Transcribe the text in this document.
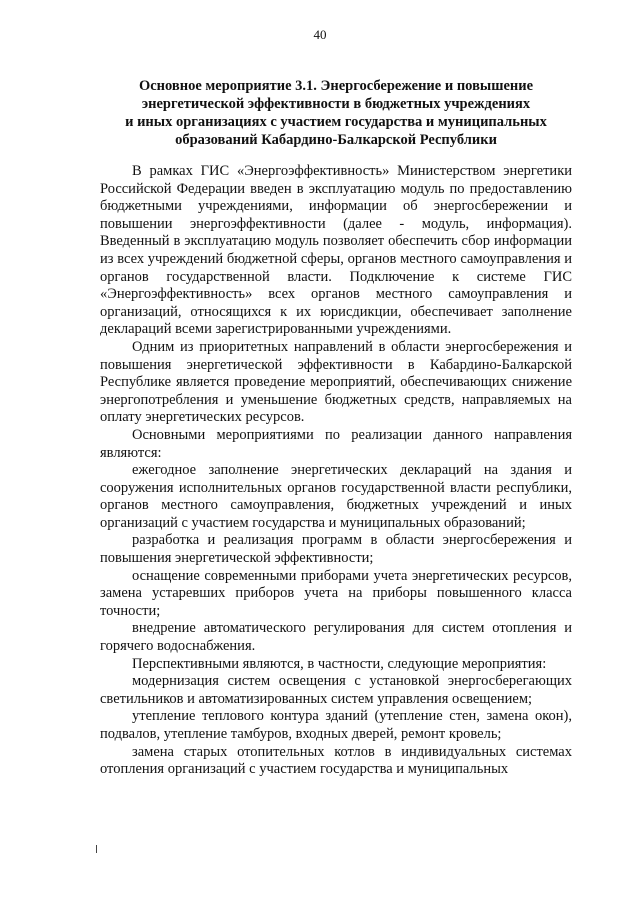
40
Основное мероприятие 3.1. Энергосбережение и повышение
энергетической эффективности в бюджетных учреждениях
и иных организациях с участием государства и муниципальных
образований Кабардино-Балкарской Республики

В рамках ГИС «Энергоэффективность» Министерством энергетики Российской Федерации введен в эксплуатацию модуль по предоставлению бюджетными учреждениями, информации об энергосбережении и повышении энергоэффективности (далее - модуль, информация). Введенный в эксплуатацию модуль позволяет обеспечить сбор информации из всех учреждений бюджетной сферы, органов местного самоуправления и органов государственной власти. Подключение к системе ГИС «Энергоэффективность» всех органов местного самоуправления и организаций, относящихся к их юрисдикции, обеспечивает заполнение деклараций всеми зарегистрированными учреждениями.

Одним из приоритетных направлений в области энергосбережения и повышения энергетической эффективности в Кабардино-Балкарской Республике является проведение мероприятий, обеспечивающих снижение энергопотребления и уменьшение бюджетных средств, направляемых на оплату энергетических ресурсов.

Основными мероприятиями по реализации данного направления являются:

ежегодное заполнение энергетических деклараций на здания и сооружения исполнительных органов государственной власти республики, органов местного самоуправления, бюджетных учреждений и иных организаций с участием государства и муниципальных образований;

разработка и реализация программ в области энергосбережения и повышения энергетической эффективности;

оснащение современными приборами учета энергетических ресурсов, замена устаревших приборов учета на приборы повышенного класса точности;

внедрение автоматического регулирования для систем отопления и горячего водоснабжения.

Перспективными являются, в частности, следующие мероприятия:

модернизация систем освещения с установкой энергосберегающих светильников и автоматизированных систем управления освещением;

утепление теплового контура зданий (утепление стен, замена окон), подвалов, утепление тамбуров, входных дверей, ремонт кровель;

замена старых отопительных котлов в индивидуальных системах отопления организаций с участием государства и муниципальных
